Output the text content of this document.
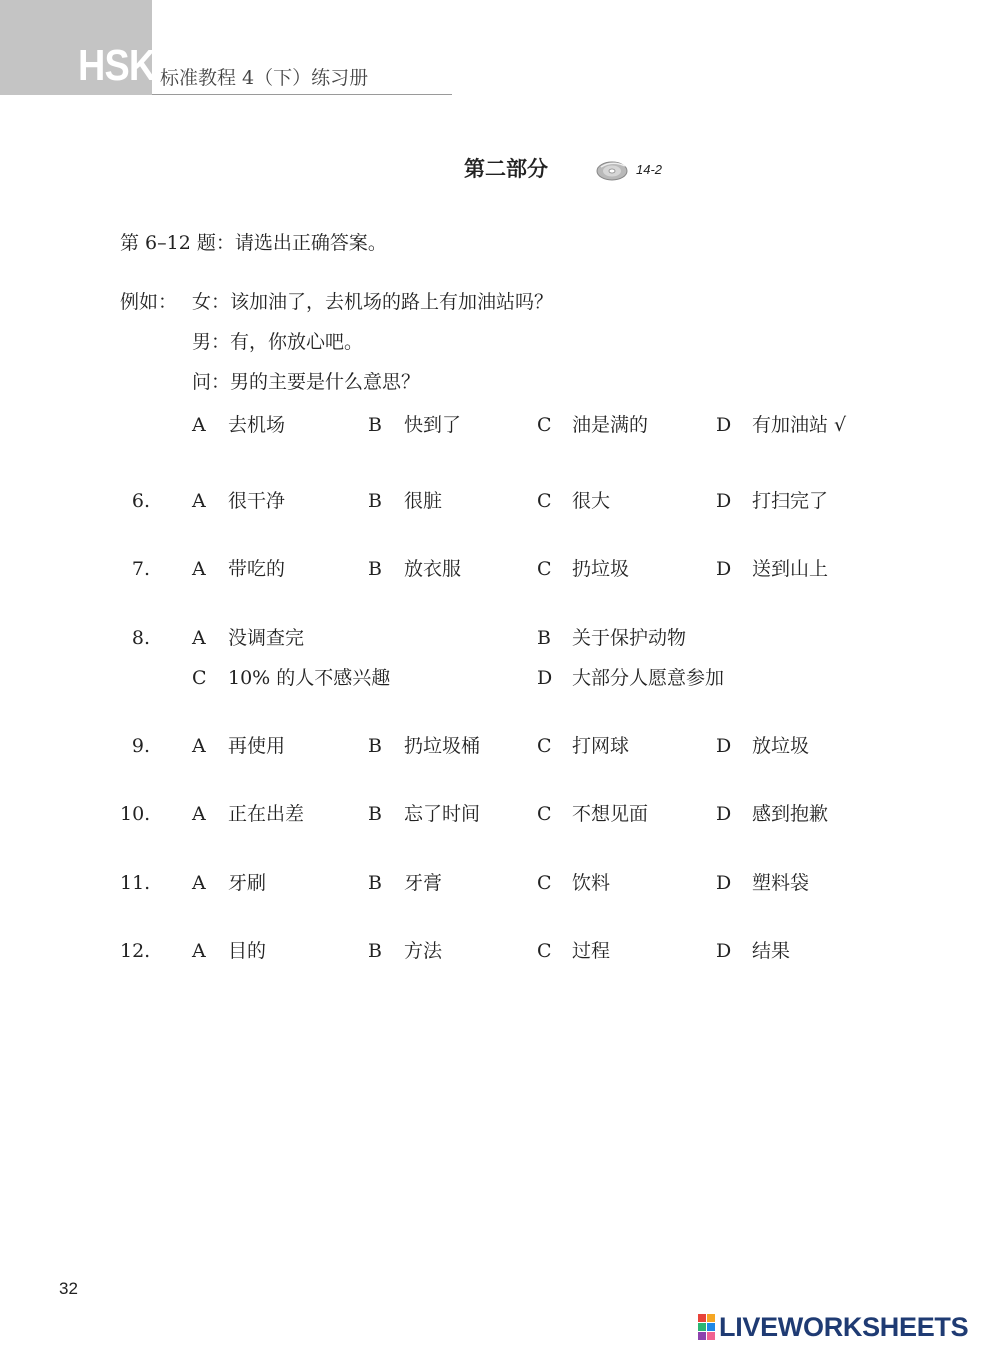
HSK 标准教程 4（下）练习册
第二部分	14-2
第 6–12 题：请选出正确答案。
例如： 女：该加油了，去机场的路上有加油站吗？
男：有，你放心吧。
问：男的主要是什么意思？
A 去机场	B 快到了	C 油是满的	D 有加油站 √
6. A 很干净	B 很脏	C 很大	D 打扫完了
7. A 带吃的	B 放衣服	C 扔垃圾	D 送到山上
8. A 没调查完	B 关于保护动物
C 10% 的人不感兴趣	D 大部分人愿意参加
9. A 再使用	B 扔垃圾桶	C 打网球	D 放垃圾
10. A 正在出差	B 忘了时间	C 不想见面	D 感到抱歉
11. A 牙刷	B 牙膏	C 饮料	D 塑料袋
12. A 目的	B 方法	C 过程	D 结果
32
LIVEWORKSHEETS
